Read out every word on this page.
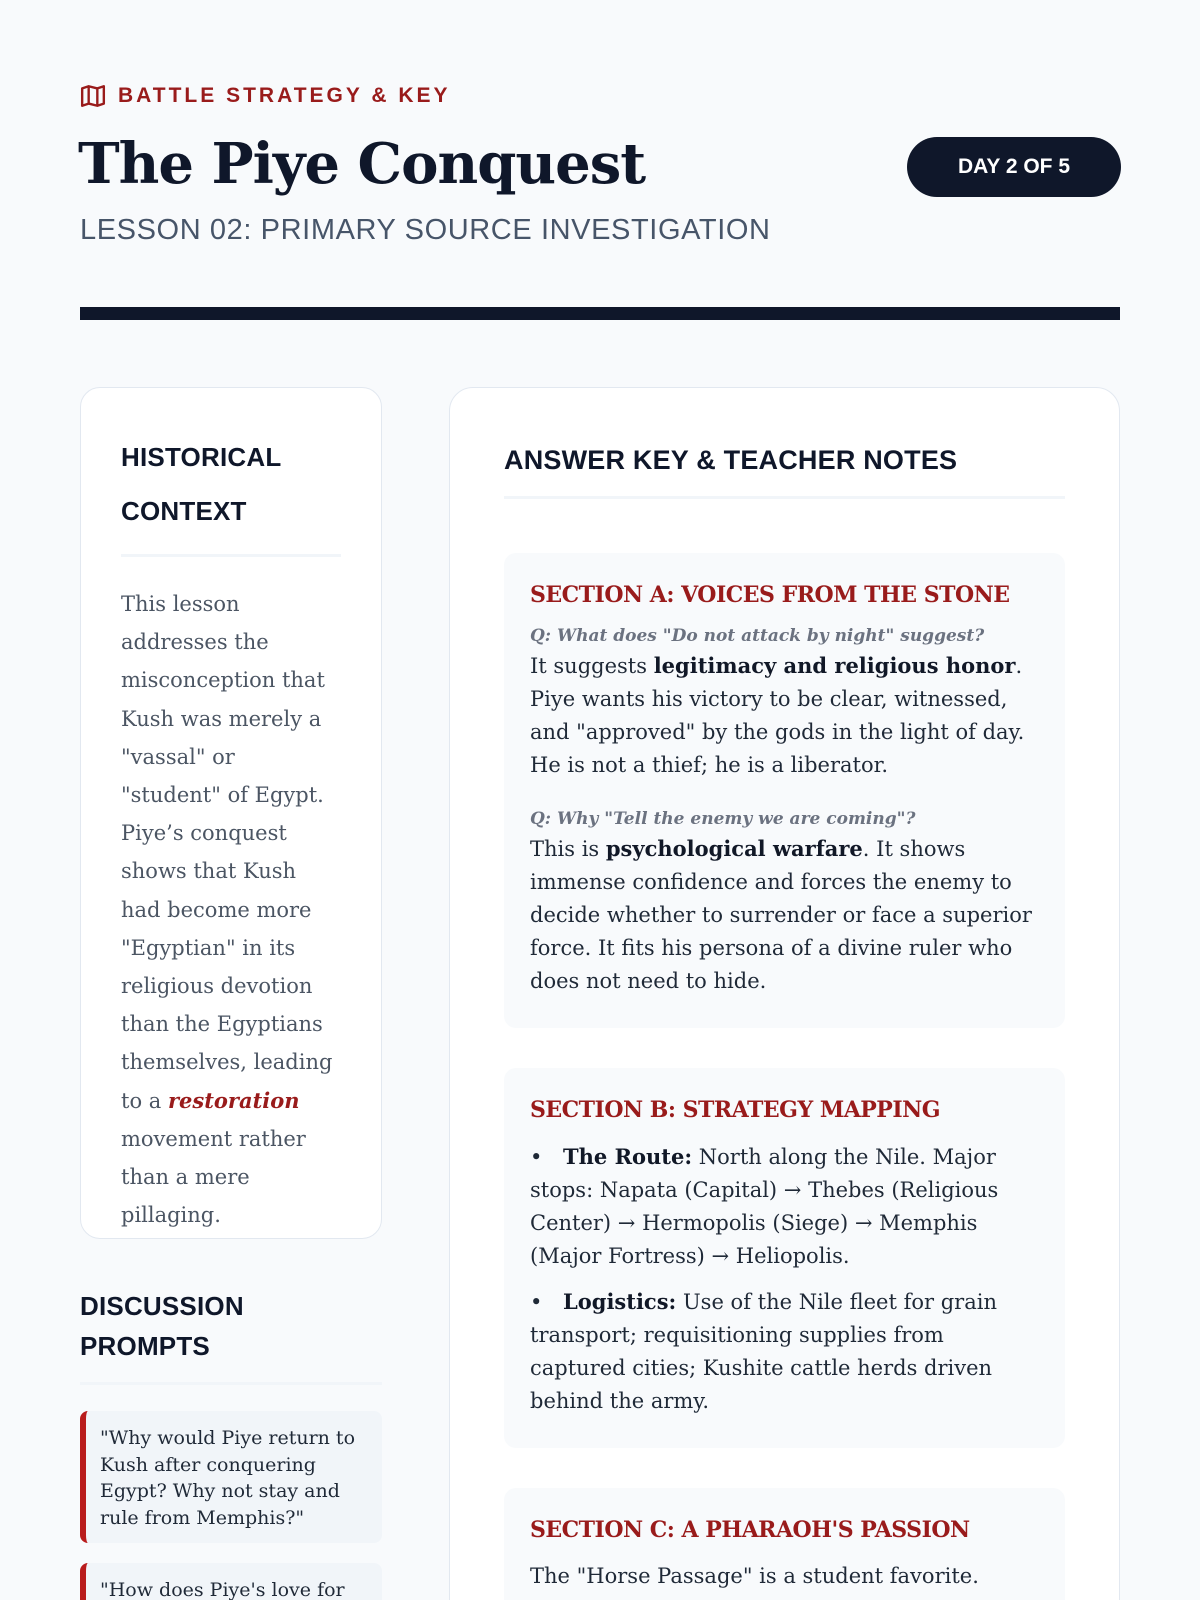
BATTLE STRATEGY & KEY
The Piye Conquest
LESSON 02: PRIMARY SOURCE INVESTIGATION
DAY 2 OF 5
HISTORICAL CONTEXT

This lesson addresses the misconception that Kush was merely a "vassal" or "student" of Egypt. Piye’s conquest shows that Kush had become more "Egyptian" in its religious devotion than the Egyptians themselves, leading to a restoration movement rather than a mere pillaging.

DISCUSSION PROMPTS
"Why would Piye return to Kush after conquering Egypt? Why not stay and rule from Memphis?"
"How does Piye's love for
ANSWER KEY & TEACHER NOTES
SECTION A: VOICES FROM THE STONE
Q: What does "Do not attack by night" suggest?
It suggests legitimacy and religious honor. Piye wants his victory to be clear, witnessed, and "approved" by the gods in the light of day. He is not a thief; he is a liberator.
Q: Why "Tell the enemy we are coming"?
This is psychological warfare. It shows immense confidence and forces the enemy to decide whether to surrender or face a superior force. It fits his persona of a divine ruler who does not need to hide.
SECTION B: STRATEGY MAPPING
• The Route: North along the Nile. Major stops: Napata (Capital) → Thebes (Religious Center) → Hermopolis (Siege) → Memphis (Major Fortress) → Heliopolis.
• Logistics: Use of the Nile fleet for grain transport; requisitioning supplies from captured cities; Kushite cattle herds driven behind the army.
SECTION C: A PHARAOH'S PASSION
The "Horse Passage" is a student favorite.
